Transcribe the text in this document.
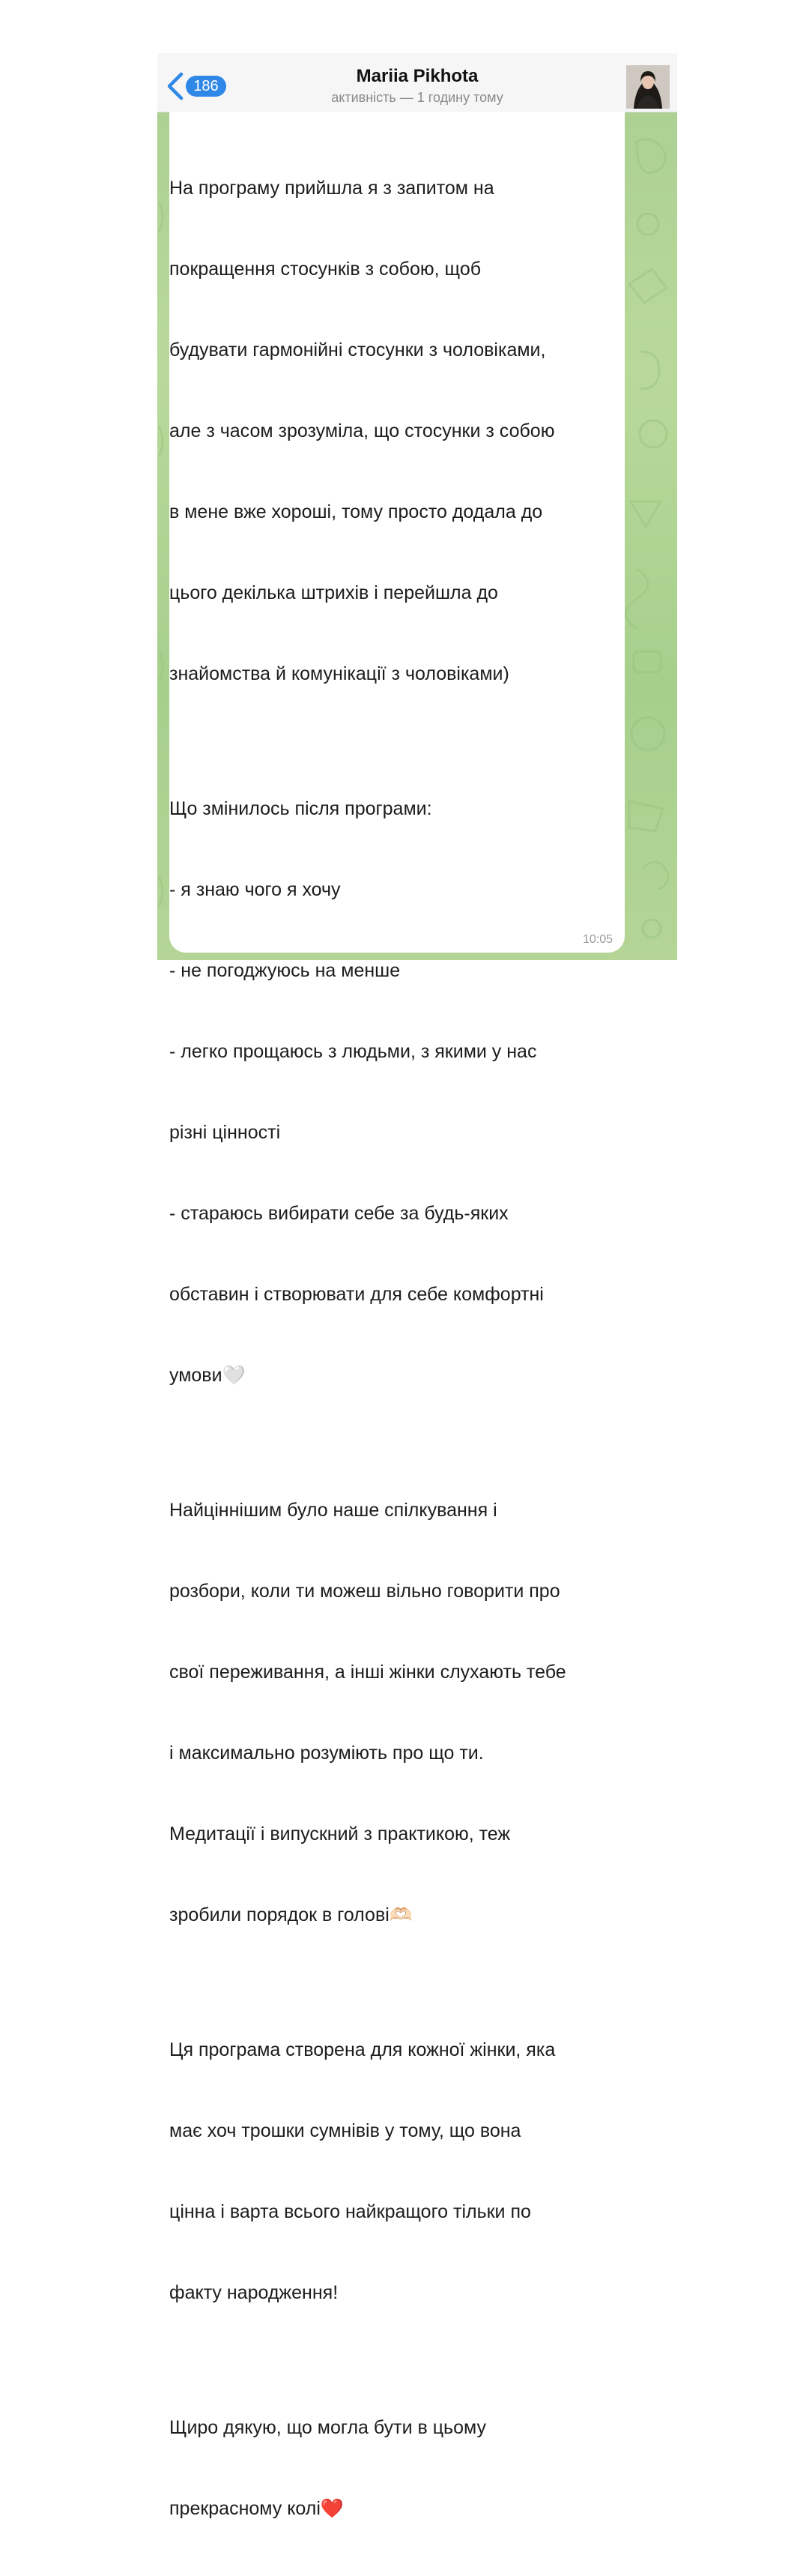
186	Mariia Pikhota
активність — 1 годину тому
10:05

На програму прийшла я з запитом на

покращення стосунків з собою, щоб

будувати гармонійні стосунки з чоловіками,

але з часом зрозуміла, що стосунки з собою

в мене вже хороші, тому просто додала до

цього декілька штрихів і перейшла до

знайомства й комунікації з чоловіками)

Що змінилось після програми:

- я знаю чого я хочу

- не погоджуюсь на менше

- легко прощаюсь з людьми, з якими у нас

різні цінності

- стараюсь вибирати себе за будь-яких

обставин і створювати для себе комфортні

умови🤍

Найціннішим було наше спілкування і

розбори, коли ти можеш вільно говорити про

свої переживання, а інші жінки слухають тебе

і максимально розуміють про що ти.

Медитації і випускний з практикою, теж

зробили порядок в голові🫶🏻

Ця програма створена для кожної жінки, яка

має хоч трошки сумнівів у тому, що вона

цінна і варта всього найкращого тільки по

факту народження!

Щиро дякую, що могла бути в цьому

прекрасному колі❤️
